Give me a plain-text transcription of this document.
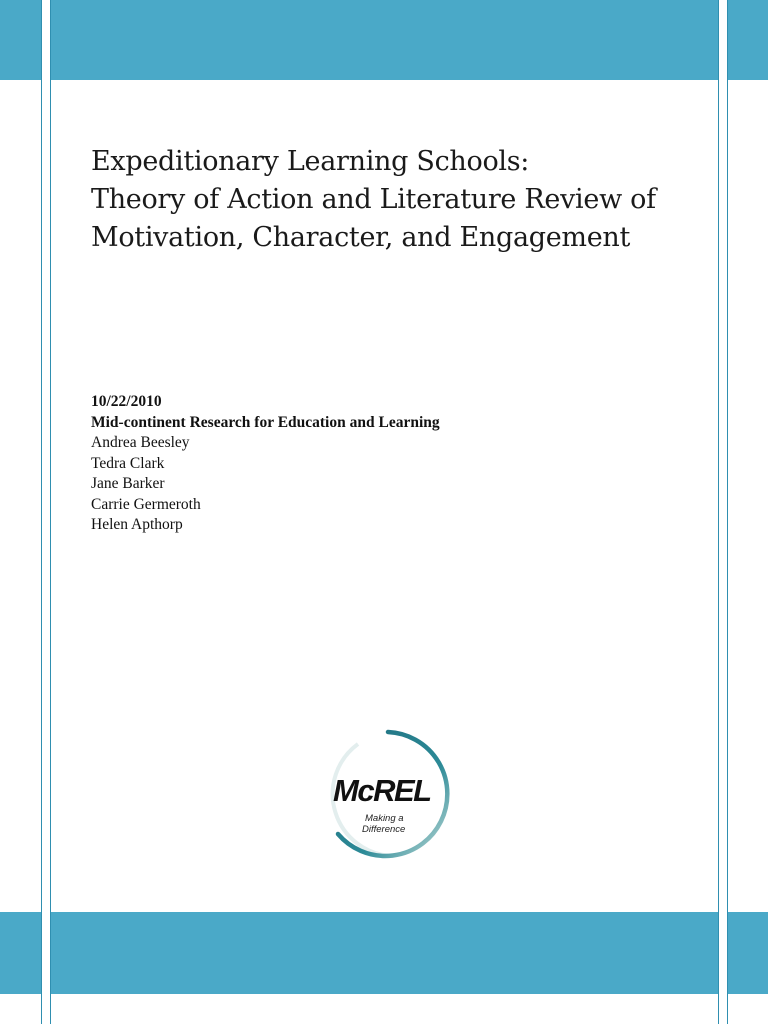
Expeditionary Learning Schools:
Theory of Action and Literature Review of
Motivation, Character, and Engagement
10/22/2010
Mid-continent Research for Education and Learning
Andrea Beesley
Tedra Clark
Jane Barker
Carrie Germeroth
Helen Apthorp
McREL
Making a
Difference
